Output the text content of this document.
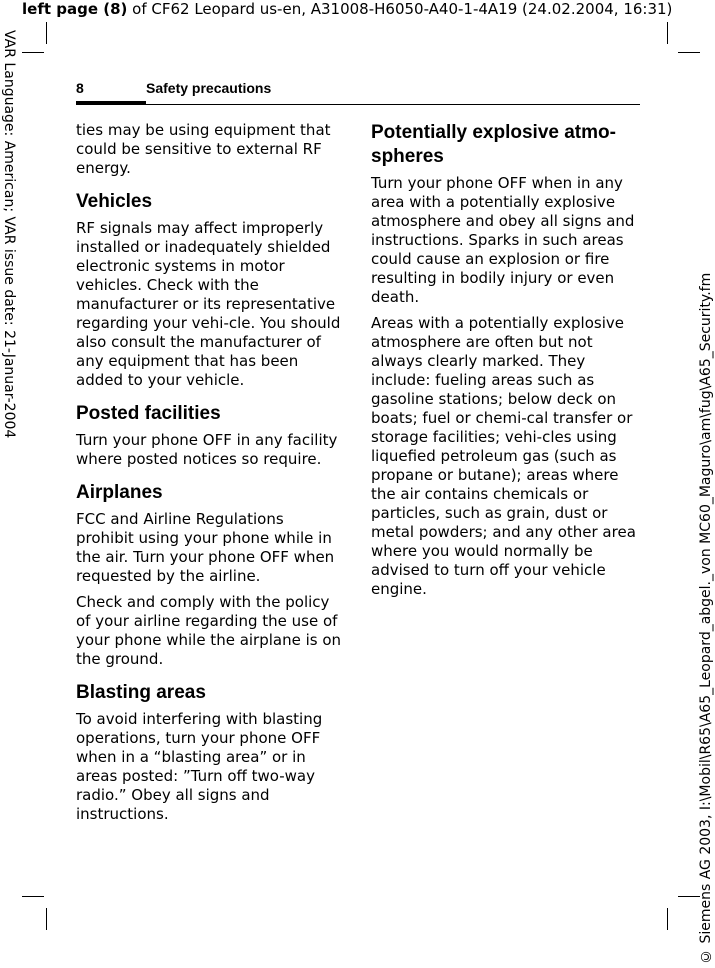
left page (8) of CF62 Leopard us-en, A31008-H6050-A40-1-4A19 (24.02.2004, 16:31)
VAR Language: American; VAR issue date: 21-Januar-2004
© Siemens AG 2003, I:\Mobil\R65\A65_Leopard_abgel._von MC60_Maguro\am\fug\A65_Security.fm
8	Safety precautions

ties may be using equipment that could be sensitive to external RF energy.

Vehicles

RF signals may affect improperly installed or inadequately shielded electronic systems in motor vehicles. Check with the manufacturer or its representative regarding your vehi-cle. You should also consult the manufacturer of any equipment that has been added to your vehicle.

Posted facilities

Turn your phone OFF in any facility where posted notices so require.

Airplanes

FCC and Airline Regulations prohibit using your phone while in the air. Turn your phone OFF when requested by the airline.

Check and comply with the policy of your airline regarding the use of your phone while the airplane is on the ground.

Blasting areas

To avoid interfering with blasting operations, turn your phone OFF when in a “blasting area” or in areas posted: ”Turn off two-way radio.” Obey all signs and instructions.

Potentially explosive atmo-spheres

Turn your phone OFF when in any area with a potentially explosive atmosphere and obey all signs and instructions. Sparks in such areas could cause an explosion or fire resulting in bodily injury or even death.

Areas with a potentially explosive atmosphere are often but not always clearly marked. They include: fueling areas such as gasoline stations; below deck on boats; fuel or chemi-cal transfer or storage facilities; vehi-cles using liquefied petroleum gas (such as propane or butane); areas where the air contains chemicals or particles, such as grain, dust or metal powders; and any other area where you would normally be advised to turn off your vehicle engine.
